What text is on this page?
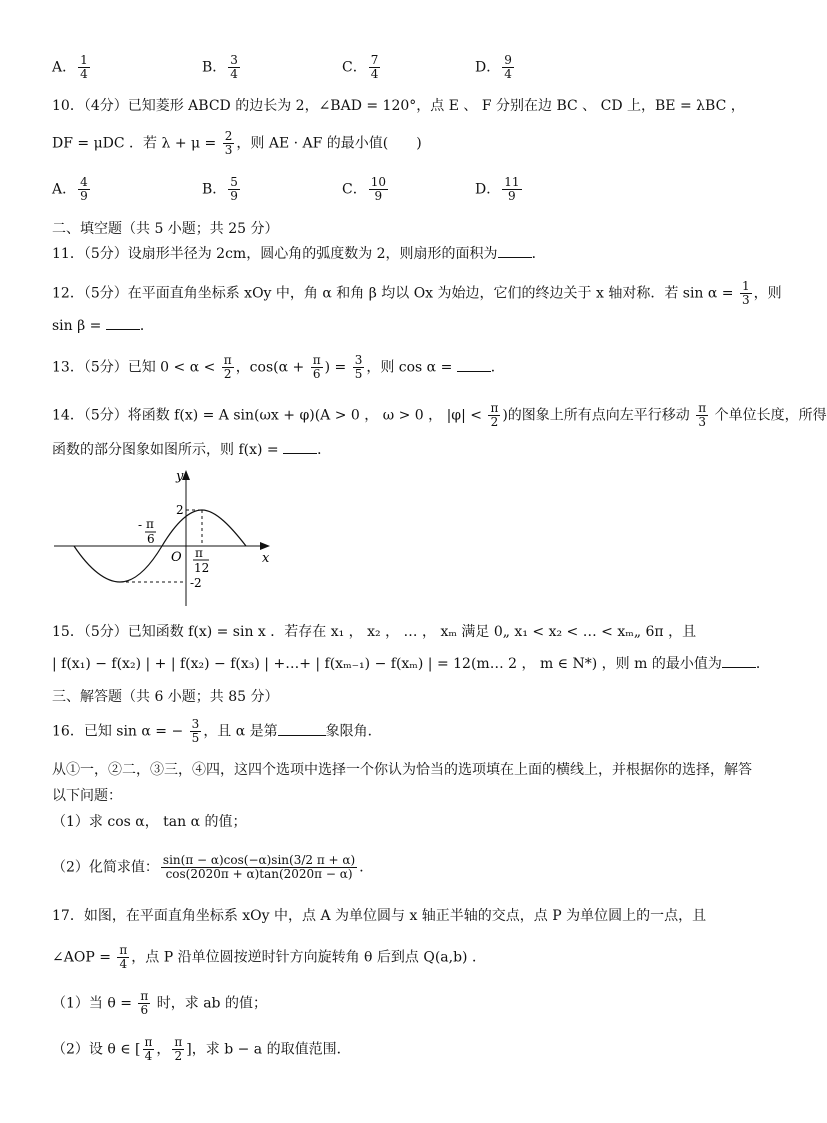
A． $\frac{1}{4}$	B． $\frac{3}{4}$	C． $\frac{7}{4}$	D． $\frac{9}{4}$
10．（4分）已知菱形 ABCD 的边长为 2，∠BAD = 120°，点 E 、 F 分别在边 BC 、 CD 上，BE = λBC ，
DF = μDC ．若 $\lambda + \mu = \frac{2}{3}$ ，则 AE · AF 的最小值(　　)
A． $\frac{4}{9}$	B． $\frac{5}{9}$	C． $\frac{10}{9}$	D． $\frac{11}{9}$
二、填空题（共 5 小题；共 25 分）
11．（5分）设扇形半径为 2cm，圆心角的弧度数为 2，则扇形的面积为 ．
12．（5分）在平面直角坐标系 xOy 中，角 α 和角 β 均以 Ox 为始边，它们的终边关于 x 轴对称．若 $\sin \alpha = \frac{1}{3}$ ，则
sin β = ．
13．（5分）已知 $0 < \alpha < \frac{\pi}{2}$ ，$\cos(\alpha + \frac{\pi}{6}$ ) = $\frac{3}{5}$ ，则 cos α = ．
14．（5分）将函数 f(x) = A sin(ωx + φ)(A > 0 ， ω > 0 ， $|\varphi| < \frac{\pi}{2}$ )的图象上所有点向左平行移动 $\frac{\pi}{3}$ 个单位长度，所得
函数的部分图象如图所示，则 f(x) = ．
y
x
O
2
-2
- π
6
π
12
15．（5分）已知函数 f(x) = sin x ．若存在 x₁ ， x₂ ， … ， xₘ 满足 0„ x₁ < x₂ < … < xₘ„ 6π ，且
| f(x₁) − f(x₂) | + | f(x₂) − f(x₃) | +…+ | f(xₘ₋₁) − f(xₘ) | = 12(m… 2 ， m ∈ N*) ，则 m 的最小值为 ．
三、解答题（共 6 小题；共 85 分）
16．已知 sin α = − $\frac{3}{5}$ ，且 α 是第	象限角．
从①一，②二，③三，④四，这四个选项中选择一个你认为恰当的选项填在上面的横线上，并根据你的选择，解答
以下问题：
（1）求 cos α， tan α 的值；
（2）化简求值： $\frac{\sin(\pi - \alpha)\cos(-\alpha)\sin(3/2 \pi + \alpha)}{\cos(2020\pi + \alpha)\tan(2020\pi - \alpha)}$ ．
17．如图，在平面直角坐标系 xOy 中，点 A 为单位圆与 x 轴正半轴的交点，点 P 为单位圆上的一点，且
∠AOP = $\frac{\pi}{4}$ ，点 P 沿单位圆按逆时针方向旋转角 θ 后到点 Q(a,b) ．
（1）当 $\theta = \frac{\pi}{6}$ 时，求 ab 的值；
（2）设 θ ∈ [ $\frac{\pi}{4}$ ， $\frac{\pi}{2}$ ]，求 b − a 的取值范围．
